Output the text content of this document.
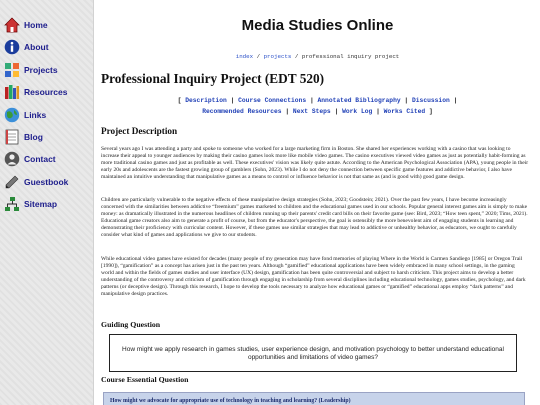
Home
About
Projects
Resources
Links
Blog
Contact
Guestbook
Sitemap
Media Studies Online
index / projects / professional inquiry project
Professional Inquiry Project (EDT 520)
[ Description | Course Connections | Annotated Bibliography | Discussion |
Recommended Resources | Next Steps | Work Log | Works Cited ]
Project Description

Several years ago I was attending a party and spoke to someone who worked for a large marketing firm in Boston. She shared her experiences working with a casino that was looking to increase their appeal to younger audiences by making their casino games look more like mobile video games. The casino executives viewed video games as just as potentially habit-forming as more traditional casino games and just as profitable as well. These executives' vision was likely quite astute. According to the American Psychological Association (APA), young people in their early 20s and adolescents are the fastest growing group of gamblers (Sohn, 2023). While I do not deny the connection between specific game features and addictive behavior, I also have maintained an intuitive understanding that manipulative games as a means to control or influence behavior is not that same as (and is good with) good game design.

Children are particularly vulnerable to the negative effects of these manipulative design strategies (Sohn, 2023; Goodstein; 2021). Over the past few years, I have become increasingly concerned with the similarities between addictive “freemium” games marketed to children and the educational games used in our schools. Popular general interest games aim is simply to make money: as dramatically illustrated in the numerous headlines of children running up their parents' credit card bills on their favorite game (see: Bird, 2023; “How teen spent,” 2020; Tims, 2021). Educational game creators also aim to generate a profit of course, but from the educator's perspective, the goal is ostensibly the more benevolent aim of engaging students in learning and demonstrating their proficiency with curricular content. However, if these games use similar strategies that may lead to addictive or unhealthy behavior, as educators, we ought to carefully consider what kind of games and applications we give to our students.

While educational video games have existed for decades (many people of my generation may have fond memories of playing Where in the World is Carmen Sandiego [1985] or Oregon Trail [1990]), “gamification” as a concept has arisen just in the past ten years. Although “gamified” educational applications have been widely embraced in many school settings, in the gaming world and within the fields of games studies and user interface (UX) design, gamification has been quite controversial and subject to harsh criticism. This project aims to develop a better understanding of the controversy and criticism of gamification through engaging in scholarship from several disciplines including educational technology, games studies, psychology, and dark patterns (or deceptive design). Through this research, I hope to develop the tools necessary to analyze how educational games or “gamified” educational apps employ “dark patterns” and manipulative design practices.

Guiding Question
How might we apply research in games studies, user experience design, and motivation psychology to better understand educational opportunities and limitations of video games?
Course Essential Question
How might we advocate for appropriate use of technology in teaching and learning? (Leadership)
